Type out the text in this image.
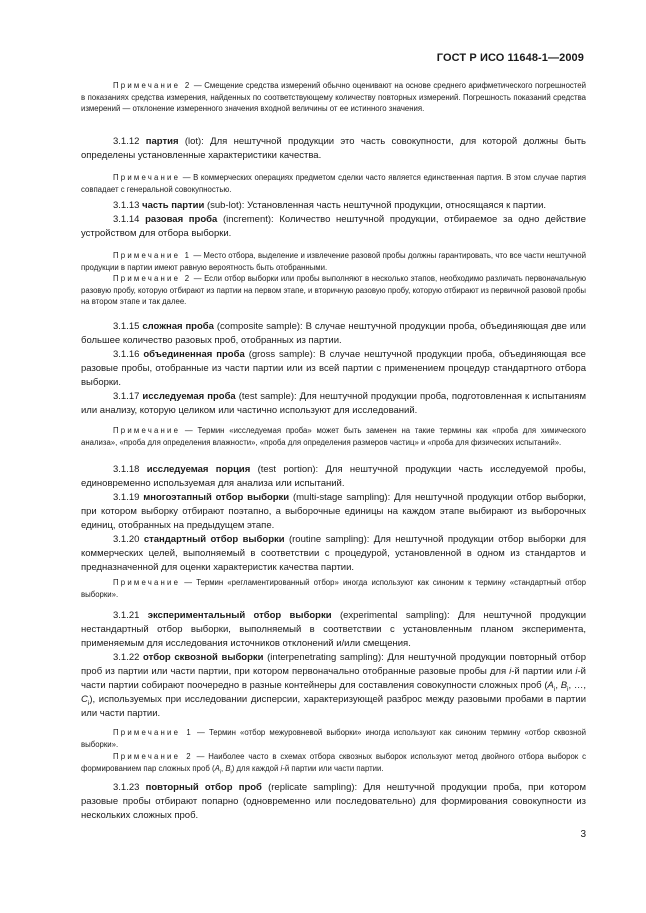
ГОСТ Р ИСО 11648-1—2009

Примечание 2 — Смещение средства измерений обычно оценивают на основе среднего арифметического погрешностей в показаниях средства измерения, найденных по соответствующему количеству повторных измерений. Погрешность показаний средства измерений — отклонение измеренного значения входной величины от ее истинного значения.

3.1.12 партия (lot): Для нештучной продукции это часть совокупности, для которой должны быть определены установленные характеристики качества.

Примечание — В коммерческих операциях предметом сделки часто является единственная партия. В этом случае партия совпадает с генеральной совокупностью.

3.1.13 часть партии (sub-lot): Установленная часть нештучной продукции, относящаяся к партии.

3.1.14 разовая проба (increment): Количество нештучной продукции, отбираемое за одно действие устройством для отбора выборки.

Примечание 1 — Место отбора, выделение и извлечение разовой пробы должны гарантировать, что все части нештучной продукции в партии имеют равную вероятность быть отобранными.

Примечание 2 — Если отбор выборки или пробы выполняют в несколько этапов, необходимо различать первоначальную разовую пробу, которую отбирают из партии на первом этапе, и вторичную разовую пробу, которую отбирают из первичной разовой пробы на втором этапе и так далее.

3.1.15 сложная проба (composite sample): В случае нештучной продукции проба, объединяющая две или большее количество разовых проб, отобранных из партии.

3.1.16 объединенная проба (gross sample): В случае нештучной продукции проба, объединяющая все разовые пробы, отобранные из части партии или из всей партии с применением процедур стандартного отбора выборки.

3.1.17 исследуемая проба (test sample): Для нештучной продукции проба, подготовленная к испытаниям или анализу, которую целиком или частично используют для исследований.

Примечание — Термин «исследуемая проба» может быть заменен на такие термины как «проба для химического анализа», «проба для определения влажности», «проба для определения размеров частиц» и «проба для физических испытаний».

3.1.18 исследуемая порция (test portion): Для нештучной продукции часть исследуемой пробы, единовременно используемая для анализа или испытаний.

3.1.19 многоэтапный отбор выборки (multi-stage sampling): Для нештучной продукции отбор выборки, при котором выборку отбирают поэтапно, а выборочные единицы на каждом этапе выбирают из выборочных единиц, отобранных на предыдущем этапе.

3.1.20 стандартный отбор выборки (routine sampling): Для нештучной продукции отбор выборки для коммерческих целей, выполняемый в соответствии с процедурой, установленной в одном из стандартов и предназначенной для оценки характеристик качества партии.

Примечание — Термин «регламентированный отбор» иногда используют как синоним к термину «стандартный отбор выборки».

3.1.21 экспериментальный отбор выборки (experimental sampling): Для нештучной продукции нестандартный отбор выборки, выполняемый в соответствии с установленным планом эксперимента, применяемым для исследования источников отклонений и/или смещения.

3.1.22 отбор сквозной выборки (interpenetrating sampling): Для нештучной продукции повторный отбор проб из партии или части партии, при котором первоначально отобранные разовые пробы для i-й партии или i-й части партии собирают поочередно в разные контейнеры для составления совокупности сложных проб ($A_i$, $B_i$, …, $C_i$), используемых при исследовании дисперсии, характеризующей разброс между разовыми пробами в партии или части партии.

Примечание 1 — Термин «отбор межуровневой выборки» иногда используют как синоним термину «отбор сквозной выборки».

Примечание 2 — Наиболее часто в схемах отбора сквозных выборок используют метод двойного отбора выборок с формированием пар сложных проб ($A_i$, $B_i$) для каждой i-й партии или части партии.

3.1.23 повторный отбор проб (replicate sampling): Для нештучной продукции проба, при котором разовые пробы отбирают попарно (одновременно или последовательно) для формирования совокупности из нескольких сложных проб.

3
